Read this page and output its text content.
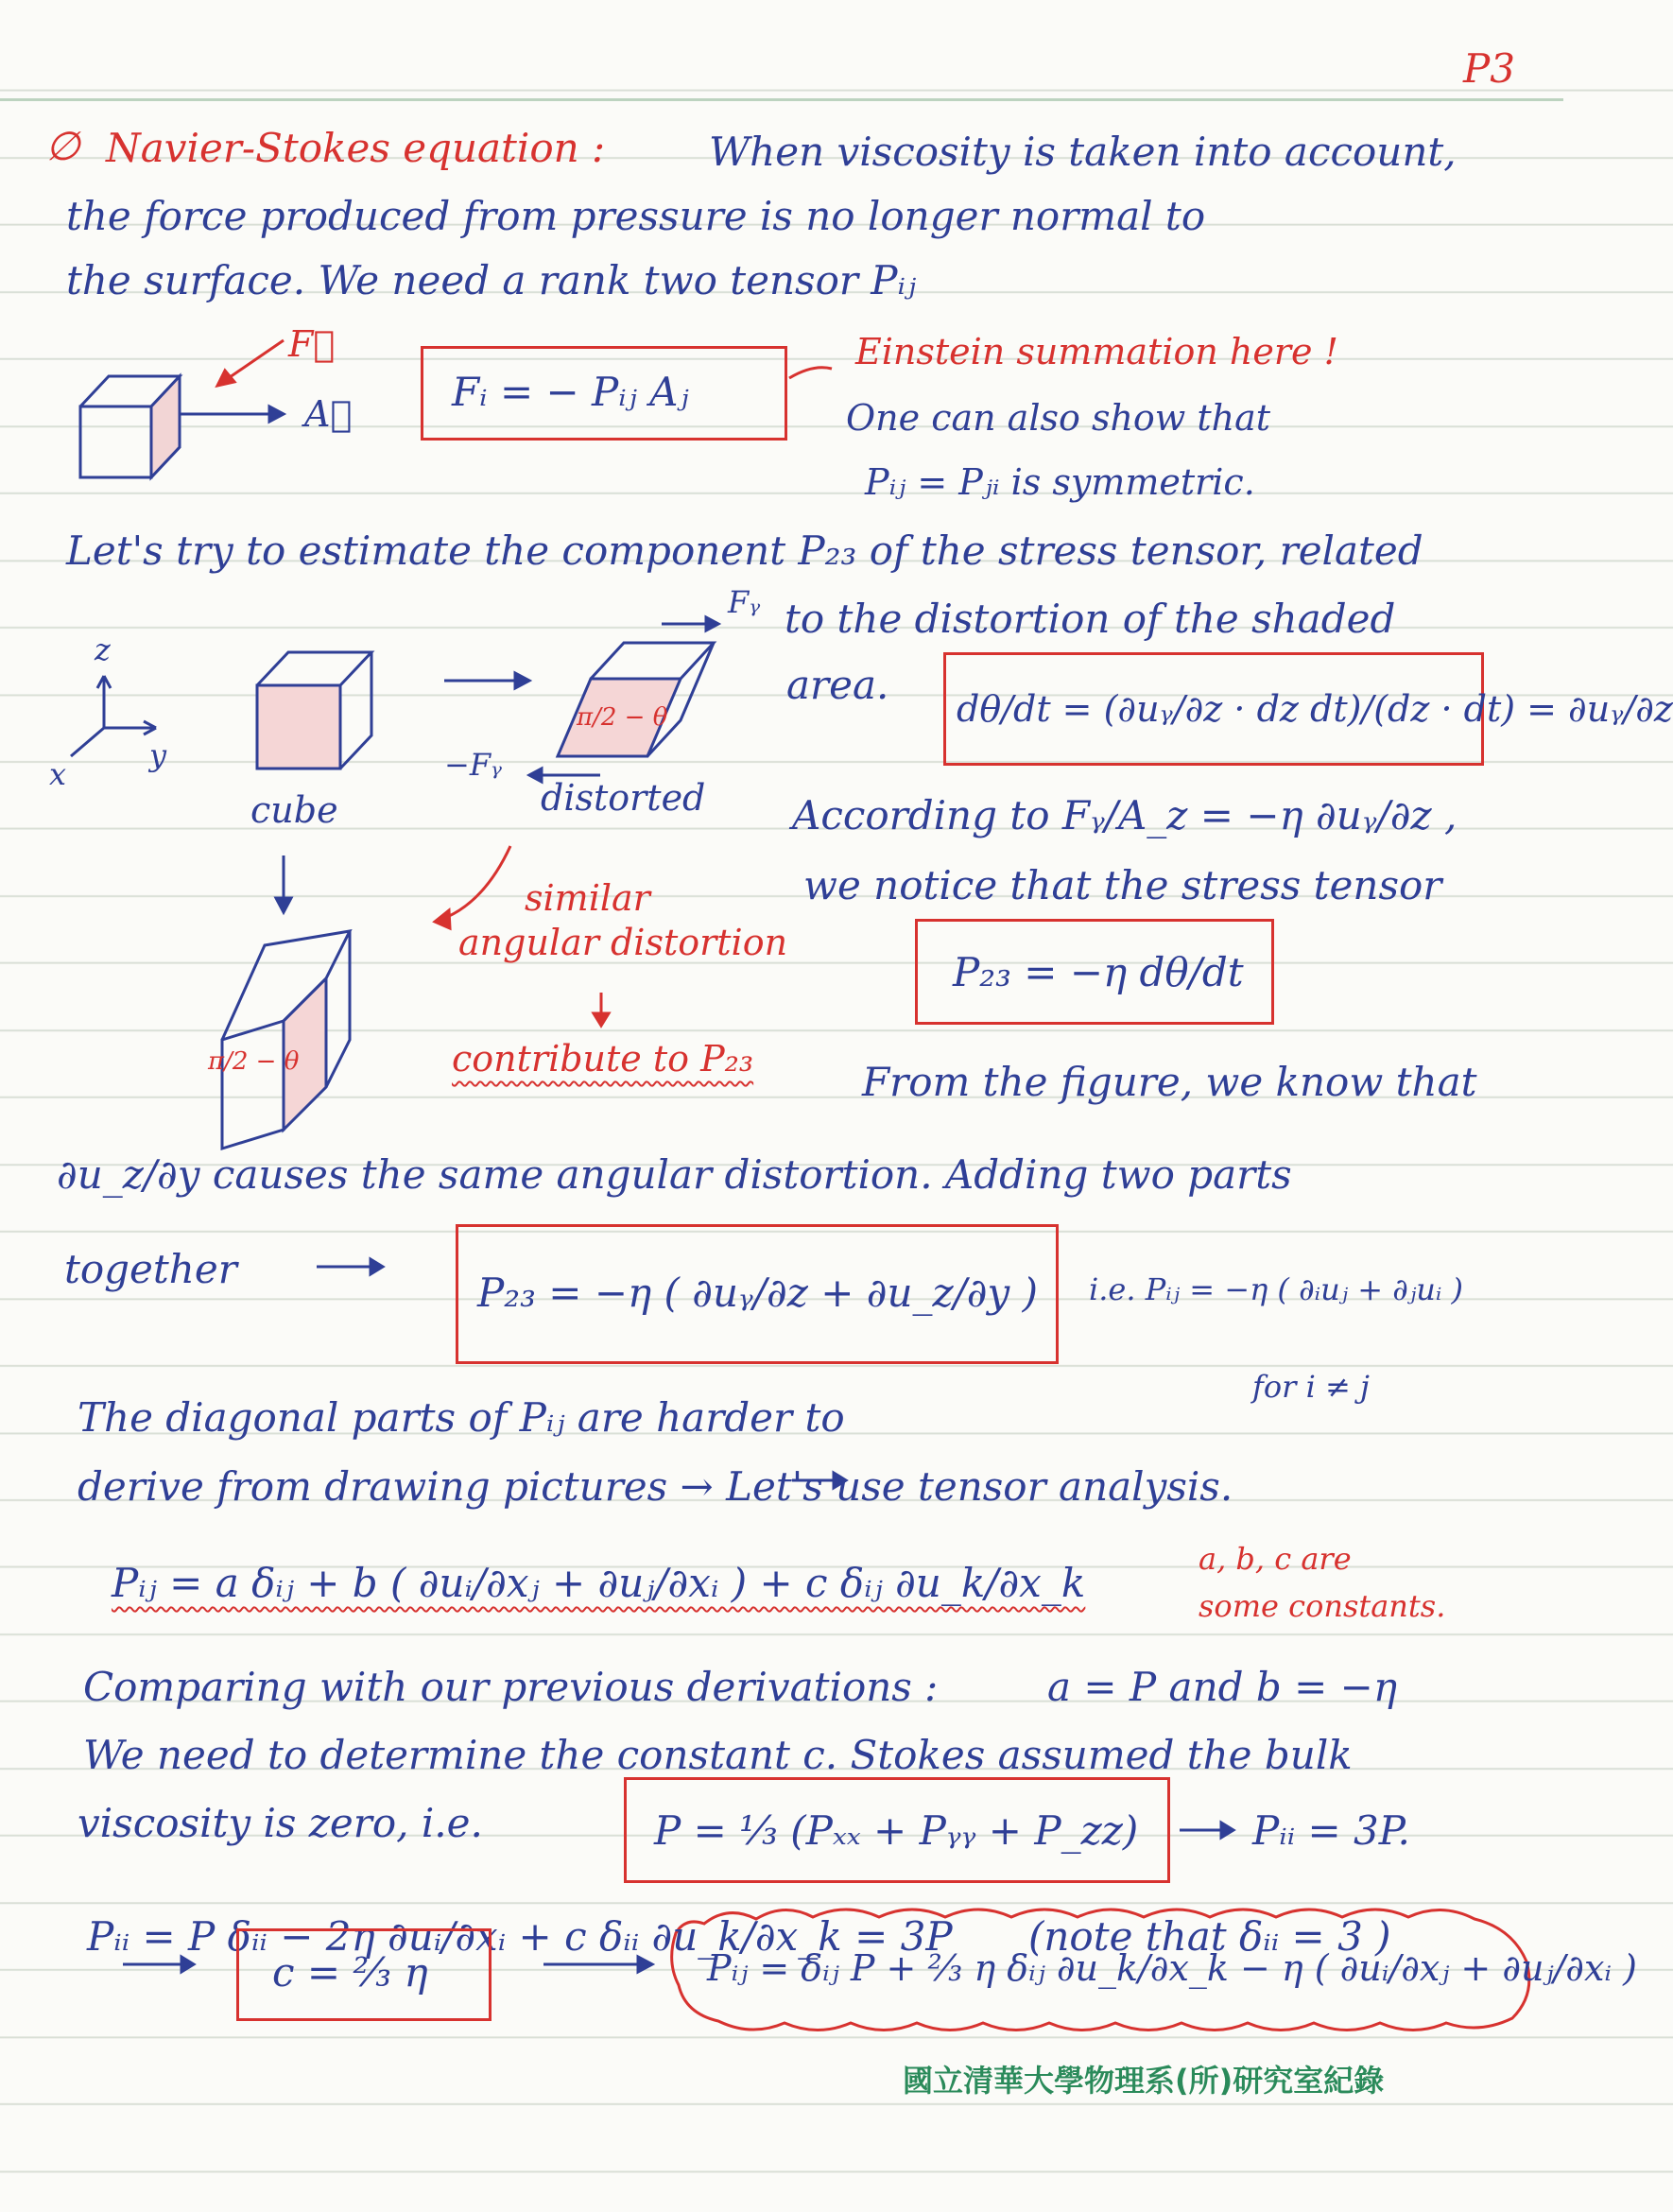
P3
∅ Navier-Stokes equation :	When viscosity is taken into account,
the force produced from pressure is no longer normal to
the surface. We need a rank two tensor Pᵢⱼ
F⃗
A⃗	Fᵢ = − Pᵢⱼ Aⱼ
Einstein summation here !
One can also show that
Pᵢⱼ = Pⱼᵢ is symmetric.
Let's try to estimate the component P₂₃ of the stress tensor, related
Fᵧ to the distortion of the shaded
area.
z
y
x
cube
−Fᵧ
distorted
π/2 − θ
π/2 − θ
dθ/dt = (∂uᵧ/∂z · dz dt)/(dz · dt) = ∂uᵧ/∂z
According to Fᵧ/A_z = −η ∂uᵧ/∂z ,
we notice that the stress tensor
similar
angular distortion
contribute to P₂₃
P₂₃ = −η dθ/dt
From the figure, we know that
∂u_z/∂y causes the same angular distortion. Adding two parts
together
P₂₃ = −η ( ∂uᵧ/∂z + ∂u_z/∂y ) i.e. Pᵢⱼ = −η ( ∂ᵢuⱼ + ∂ⱼuᵢ )
for i ≠ j
The diagonal parts of Pᵢⱼ are harder to
derive from drawing pictures → Let's use tensor analysis.
Pᵢⱼ = a δᵢⱼ + b ( ∂uᵢ/∂xⱼ + ∂uⱼ/∂xᵢ ) + c δᵢⱼ ∂u_k/∂x_k
a, b, c are
some constants.
Comparing with our previous derivations :	a = P and b = −η
We need to determine the constant c. Stokes assumed the bulk
viscosity is zero, i.e.	P = ⅓ (Pₓₓ + Pᵧᵧ + P_zz)	Pᵢᵢ = 3P.
Pᵢᵢ = P δᵢᵢ − 2η ∂uᵢ/∂xᵢ + c δᵢᵢ ∂u_k/∂x_k = 3P (note that δᵢᵢ = 3 )
c = ⅔ η	Pᵢⱼ = δᵢⱼ P + ⅔ η δᵢⱼ ∂u_k/∂x_k − η ( ∂uᵢ/∂xⱼ + ∂uⱼ/∂xᵢ )
國立清華大學物理系(所)研究室紀錄
